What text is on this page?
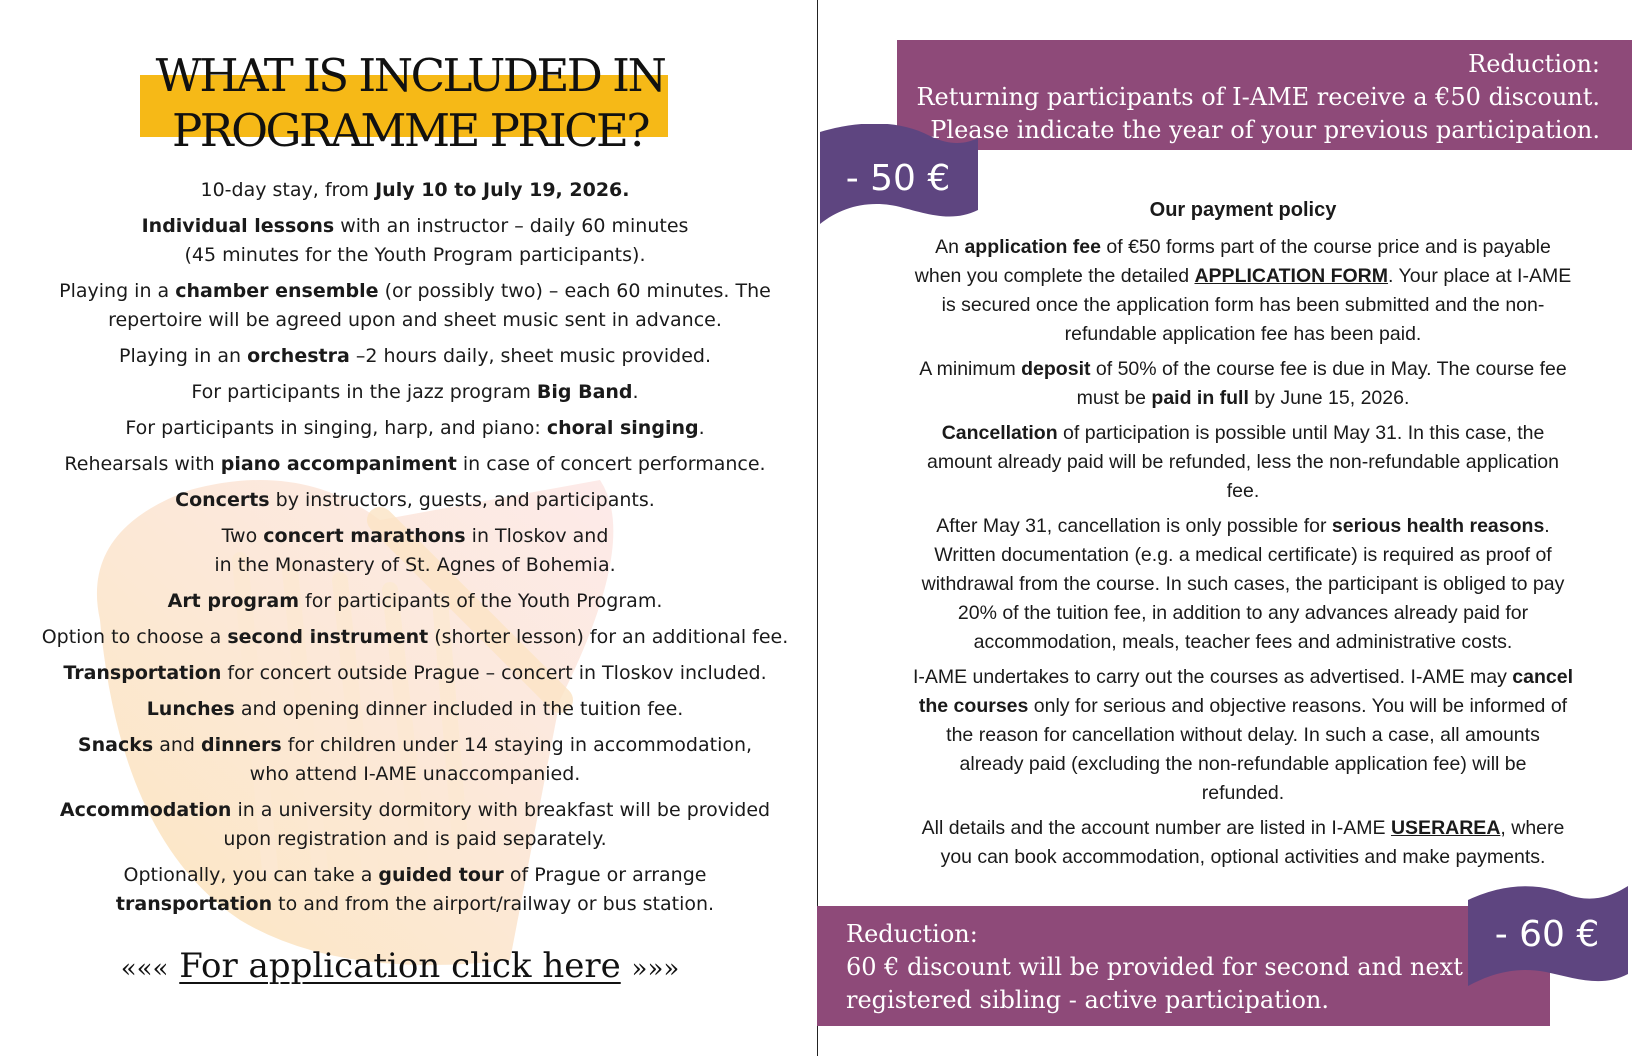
WHAT IS INCLUDED IN
PROGRAMME PRICE?

10-day stay, from July 10 to July 19, 2026.

Individual lessons with an instructor – daily 60 minutes
(45 minutes for the Youth Program participants).

Playing in a chamber ensemble (or possibly two) – each 60 minutes. The
repertoire will be agreed upon and sheet music sent in advance.

Playing in an orchestra –2 hours daily, sheet music provided.

For participants in the jazz program Big Band.

For participants in singing, harp, and piano: choral singing.

Rehearsals with piano accompaniment in case of concert performance.

Concerts by instructors, guests, and participants.

Two concert marathons in Tloskov and
in the Monastery of St. Agnes of Bohemia.

Art program for participants of the Youth Program.

Option to choose a second instrument (shorter lesson) for an additional fee.

Transportation for concert outside Prague – concert in Tloskov included.

Lunches and opening dinner included in the tuition fee.

Snacks and dinners for children under 14 staying in accommodation,
who attend I-AME unaccompanied.

Accommodation in a university dormitory with breakfast will be provided
upon registration and is paid separately.

Optionally, you can take a guided tour of Prague or arrange
transportation to and from the airport/railway or bus station.

««« For application click here »»»
Reduction:
Returning participants of I-AME receive a €50 discount.
Please indicate the year of your previous participation.
- 50 €
Our payment policy

An application fee of €50 forms part of the course price and is payable
when you complete the detailed APPLICATION FORM. Your place at I-AME
is secured once the application form has been submitted and the non-
refundable application fee has been paid.

A minimum deposit of 50% of the course fee is due in May. The course fee
must be paid in full by June 15, 2026.

Cancellation of participation is possible until May 31. In this case, the
amount already paid will be refunded, less the non-refundable application
fee.

After May 31, cancellation is only possible for serious health reasons.
Written documentation (e.g. a medical certificate) is required as proof of
withdrawal from the course. In such cases, the participant is obliged to pay
20% of the tuition fee, in addition to any advances already paid for
accommodation, meals, teacher fees and administrative costs.

I-AME undertakes to carry out the courses as advertised. I-AME may cancel
the courses only for serious and objective reasons. You will be informed of
the reason for cancellation without delay. In such a case, all amounts
already paid (excluding the non-refundable application fee) will be
refunded.

All details and the account number are listed in I-AME USERAREA, where
you can book accommodation, optional activities and make payments.

Reduction:
60 € discount will be provided for second and next
registered sibling - active participation.
- 60 €
